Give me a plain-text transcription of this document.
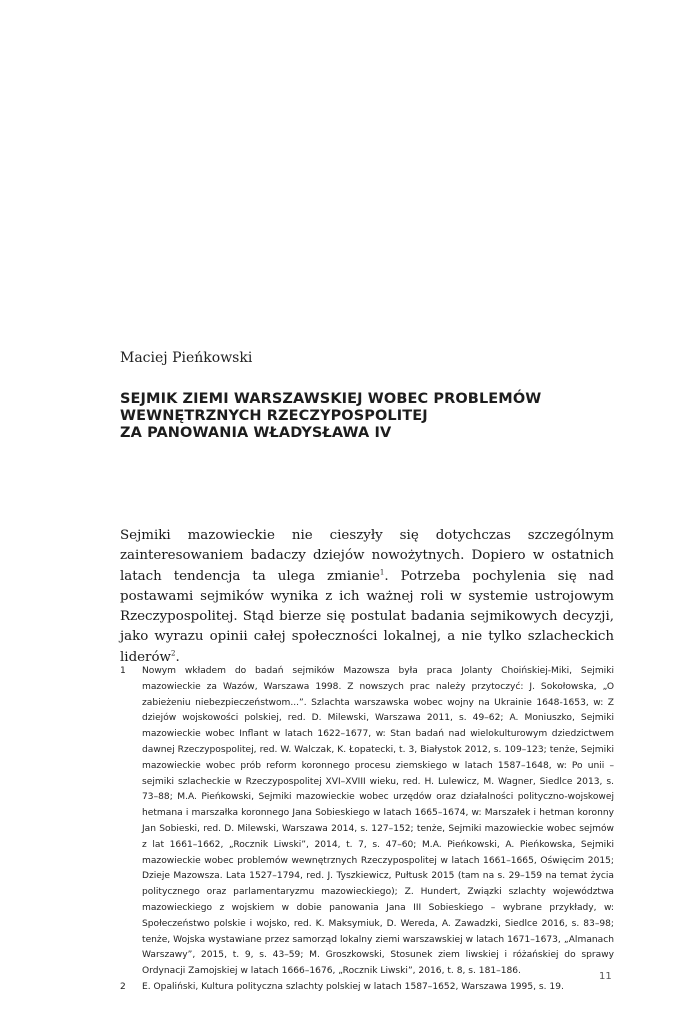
Maciej Pieńkowski
SEJMIK ZIEMI WARSZAWSKIEJ WOBEC PROBLEMÓW
WEWNĘTRZNYCH RZECZYPOSPOLITEJ
ZA PANOWANIA WŁADYSŁAWA IV

Sejmiki mazowieckie nie cieszyły się dotychczas szczególnym zainteresowaniem badaczy dziejów nowożytnych. Dopiero w ostatnich latach tendencja ta ulega zmianie$^1$. Potrzeba pochylenia się nad postawami sejmików wynika z ich ważnej roli w systemie ustrojowym Rzeczypospolitej. Stąd bierze się postulat badania sejmikowych decyzji, jako wyrazu opinii całej społeczności lokalnej, a nie tylko szlacheckich liderów$^2$.

1 Nowym wkładem do badań sejmików Mazowsza była praca Jolanty Choińskiej-Miki, Sejmiki mazowieckie za Wazów, Warszawa 1998. Z nowszych prac należy przytoczyć: J. Sokołowska, „O zabieżeniu niebezpieczeństwom...”. Szlachta warszawska wobec wojny na Ukrainie 1648-1653, w: Z dziejów wojskowości polskiej, red. D. Milewski, Warszawa 2011, s. 49–62; A. Moniuszko, Sejmiki mazowieckie wobec Inflant w latach 1622–1677, w: Stan badań nad wielokulturowym dziedzictwem dawnej Rzeczypospolitej, red. W. Walczak, K. Łopatecki, t. 3, Białystok 2012, s. 109–123; tenże, Sejmiki mazowieckie wobec prób reform koronnego procesu ziemskiego w latach 1587–1648, w: Po unii – sejmiki szlacheckie w Rzeczypospolitej XVI–XVIII wieku, red. H. Lulewicz, M. Wagner, Siedlce 2013, s. 73–88; M.A. Pieńkowski, Sejmiki mazowieckie wobec urzędów oraz działalności polityczno-wojskowej hetmana i marszałka koronnego Jana Sobieskiego w latach 1665–1674, w: Marszałek i hetman koronny Jan Sobieski, red. D. Milewski, Warszawa 2014, s. 127–152; tenże, Sejmiki mazowieckie wobec sejmów z lat 1661–1662, „Rocznik Liwski”, 2014, t. 7, s. 47–60; M.A. Pieńkowski, A. Pieńkowska, Sejmiki mazowieckie wobec problemów wewnętrznych Rzeczypospolitej w latach 1661–1665, Oświęcim 2015; Dzieje Mazowsza. Lata 1527–1794, red. J. Tyszkiewicz, Pułtusk 2015 (tam na s. 29–159 na temat życia politycznego oraz parlamentaryzmu mazowieckiego); Z. Hundert, Związki szlachty województwa mazowieckiego z wojskiem w dobie panowania Jana III Sobieskiego – wybrane przykłady, w: Społeczeństwo polskie i wojsko, red. K. Maksymiuk, D. Wereda, A. Zawadzki, Siedlce 2016, s. 83–98; tenże, Wojska wystawiane przez samorząd lokalny ziemi warszawskiej w latach 1671–1673, „Almanach Warszawy”, 2015, t. 9, s. 43–59; M. Groszkowski, Stosunek ziem liwskiej i różańskiej do sprawy Ordynacji Zamojskiej w latach 1666–1676, „Rocznik Liwski”, 2016, t. 8, s. 181–186.
2 E. Opaliński, Kultura polityczna szlachty polskiej w latach 1587–1652, Warszawa 1995, s. 19.
11
